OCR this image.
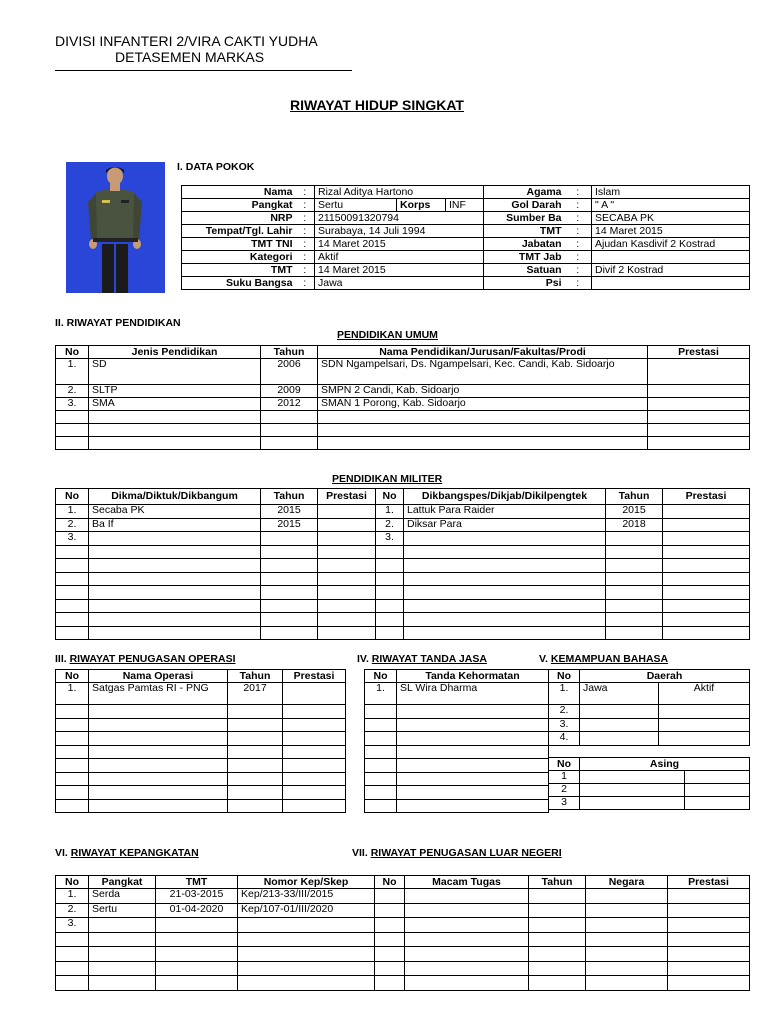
DIVISI INFANTERI 2/VIRA CAKTI YUDHA
DETASEMEN MARKAS
RIWAYAT HIDUP SINGKAT
I. DATA POKOK
Nama	:	Rizal Aditya Hartono			Agama	:	Islam
Pangkat	:	Sertu	Korps	INF	Gol Darah	:	" A "
NRP	:	21150091320794			Sumber Ba	:	SECABA PK
Tempat/Tgl. Lahir	:	Surabaya, 14 Juli 1994			TMT	:	14 Maret 2015
TMT TNI	:	14 Maret 2015			Jabatan	:	Ajudan Kasdivif 2 Kostrad
Kategori	:	Aktif			TMT Jab	:	
TMT	:	14 Maret 2015			Satuan	:	Divif 2 Kostrad
Suku Bangsa	:	Jawa			Psi	:	
II. RIWAYAT PENDIDIKAN
PENDIDIKAN UMUM
No	Jenis Pendidikan	Tahun	Nama Pendidikan/Jurusan/Fakultas/Prodi	Prestasi
1.	SD	2006	SDN Ngampelsari, Ds. Ngampelsari, Kec. Candi, Kab. Sidoarjo	
2.	SLTP	2009	SMPN 2 Candi, Kab. Sidoarjo	
3.	SMA	2012	SMAN 1 Porong, Kab. Sidoarjo	

PENDIDIKAN MILITER
No	Dikma/Diktuk/Dikbangum	Tahun	Prestasi	No	Dikbangspes/Dikjab/Dikilpengtek	Tahun	Prestasi
1.	Secaba PK	2015		1.	Lattuk Para Raider	2015	
2.	Ba If	2015		2.	Diksar Para	2018	
3.				3.			

III. RIWAYAT PENUGASAN OPERASI	IV. RIWAYAT TANDA JASA	V. KEMAMPUAN BAHASA
No	Nama Operasi	Tahun	Prestasi
1.	Satgas Pamtas RI - PNG	2017	

No	Tanda Kehormatan
1.	SL Wira Dharma

No	Daerah	
1.	Jawa	Aktif
2.		
3.		
4.		
No	Asing	
1		
2		
3		
VI. RIWAYAT KEPANGKATAN	VII. RIWAYAT PENUGASAN LUAR NEGERI
No	Pangkat	TMT	Nomor Kep/Skep
1.	Serda	21-03-2015	Kep/213-33/III/2015
2.	Sertu	01-04-2020	Kep/107-01/III/2020
3.			

No	Macam Tugas	Tahun	Negara	Prestasi
